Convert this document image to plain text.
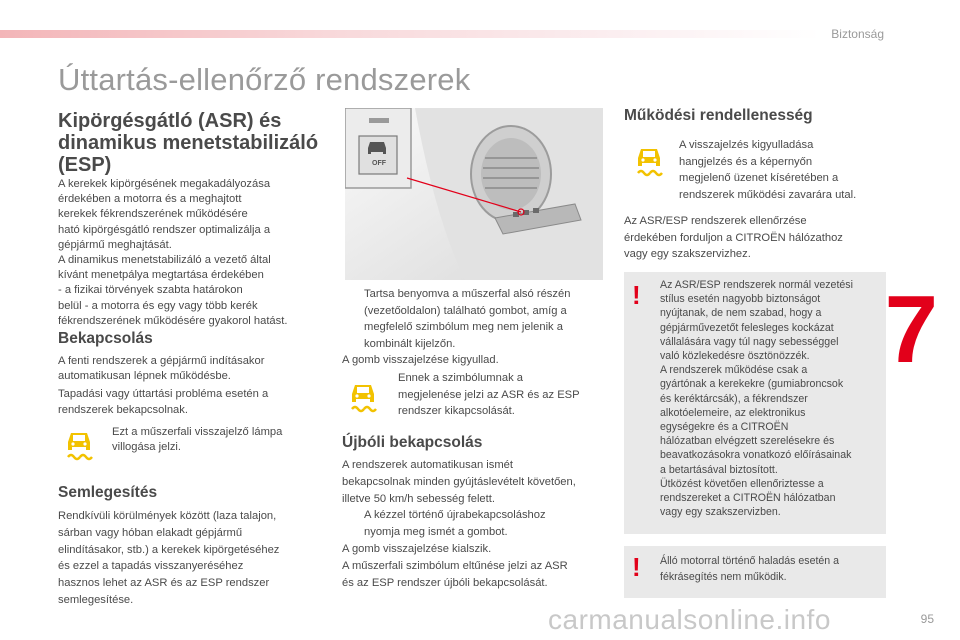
Biztonság
Úttartás-ellenőrző rendszerek
Kipörgésgátló (ASR) és
dinamikus menetstabilizáló
(ESP)
A kerekek kipörgésének megakadályozása
érdekében a motorra és a meghajtott
kerekek fékrendszerének működésére
ható kipörgésgátló rendszer optimalizálja a
gépjármű meghajtását.
A dinamikus menetstabilizáló a vezető által
kívánt menetpálya megtartása érdekében
- a fizikai törvények szabta határokon
belül - a motorra és egy vagy több kerék
fékrendszerének működésére gyakorol hatást.
Bekapcsolás
A fenti rendszerek a gépjármű indításakor
automatikusan lépnek működésbe.
Tapadási vagy úttartási probléma esetén a
rendszerek bekapcsolnak.
Ezt a műszerfali visszajelző lámpa
villogása jelzi.
Semlegesítés
Rendkívüli körülmények között (laza talajon,
sárban vagy hóban elakadt gépjármű
elindításakor, stb.) a kerekek kipörgetéséhez
és ezzel a tapadás visszanyeréséhez
hasznos lehet az ASR és az ESP rendszer
semlegesítése.
OFF
Tartsa benyomva a műszerfal alsó részén
(vezetőoldalon) található gombot, amíg a
megfelelő szimbólum meg nem jelenik a
kombinált kijelzőn.
A gomb visszajelzése kigyullad.
Ennek a szimbólumnak a
megjelenése jelzi az ASR és az ESP
rendszer kikapcsolását.
Újbóli bekapcsolás
A rendszerek automatikusan ismét
bekapcsolnak minden gyújtáslevételt követően,
illetve 50 km/h sebesség felett.
A kézzel történő újrabekapcsoláshoz
nyomja meg ismét a gombot.
A gomb visszajelzése kialszik.
A műszerfali szimbólum eltűnése jelzi az ASR
és az ESP rendszer újbóli bekapcsolását.
Működési rendellenesség
A visszajelzés kigyulladása
hangjelzés és a képernyőn
megjelenő üzenet kíséretében a
rendszerek működési zavarára utal.
Az ASR/ESP rendszerek ellenőrzése
érdekében forduljon a CITROËN hálózathoz
vagy egy szakszervizhez.
! Az ASR/ESP rendszerek normál vezetési
stílus esetén nagyobb biztonságot
nyújtanak, de nem szabad, hogy a
gépjárművezetőt felesleges kockázat
vállalására vagy túl nagy sebességgel
való közlekedésre ösztönözzék.
A rendszerek működése csak a
gyártónak a kerekekre (gumiabroncsok
és keréktárcsák), a fékrendszer
alkotóelemeire, az elektronikus
egységekre és a CITROËN
hálózatban elvégzett szerelésekre és
beavatkozásokra vonatkozó előírásainak
a betartásával biztosított.
Ütközést követően ellenőriztesse a
rendszereket a CITROËN hálózatban
vagy egy szakszervizben.
! Álló motorral történő haladás esetén a
fékrásegítés nem működik.
7
carmanualsonline.info	95
